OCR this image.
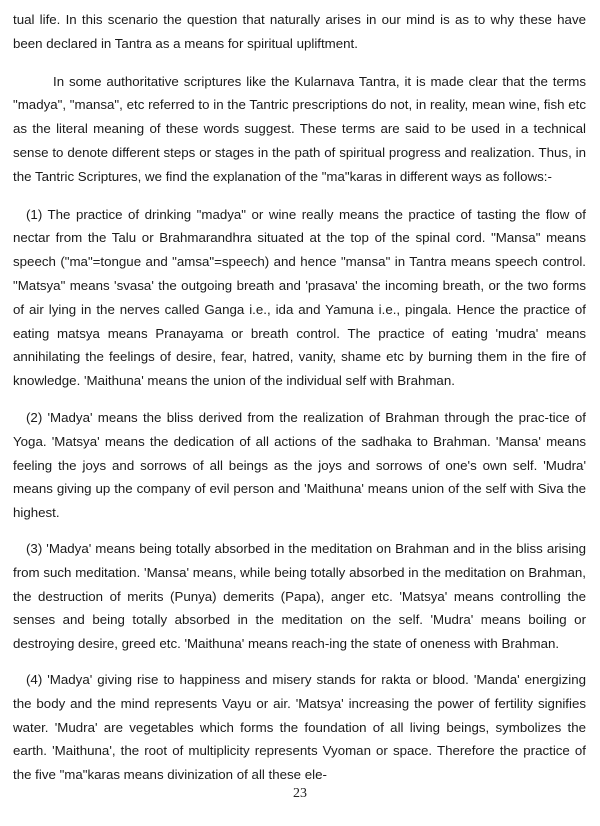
tual life. In this scenario the question that naturally arises in our mind is as to why these have been declared in Tantra as a means for spiritual upliftment.

In some authoritative scriptures like the Kularnava Tantra, it is made clear that the terms "madya", "mansa", etc referred to in the Tantric prescriptions do not, in reality, mean wine, fish etc as the literal meaning of these words suggest. These terms are said to be used in a technical sense to denote different steps or stages in the path of spiritual progress and realization. Thus, in the Tantric Scriptures, we find the explanation of the "ma"karas in different ways as follows:-

(1) The practice of drinking "madya" or wine really means the practice of tasting the flow of nectar from the Talu or Brahmarandhra situated at the top of the spinal cord. "Mansa" means speech ("ma"=tongue and "amsa"=speech) and hence "mansa" in Tantra means speech control. "Matsya" means 'svasa' the outgoing breath and 'prasava' the incoming breath, or the two forms of air lying in the nerves called Ganga i.e., ida and Yamuna i.e., pingala. Hence the practice of eating matsya means Pranayama or breath control. The practice of eating 'mudra' means annihilating the feelings of desire, fear, hatred, vanity, shame etc by burning them in the fire of knowledge. 'Maithuna' means the union of the individual self with Brahman.

(2) 'Madya' means the bliss derived from the realization of Brahman through the prac-tice of Yoga. 'Matsya' means the dedication of all actions of the sadhaka to Brahman. 'Mansa' means feeling the joys and sorrows of all beings as the joys and sorrows of one's own self. 'Mudra' means giving up the company of evil person and 'Maithuna' means union of the self with Siva the highest.

(3) 'Madya' means being totally absorbed in the meditation on Brahman and in the bliss arising from such meditation. 'Mansa' means, while being totally absorbed in the meditation on Brahman, the destruction of merits (Punya) demerits (Papa), anger etc. 'Matsya' means controlling the senses and being totally absorbed in the meditation on the self. 'Mudra' means boiling or destroying desire, greed etc. 'Maithuna' means reach-ing the state of oneness with Brahman.

(4) 'Madya' giving rise to happiness and misery stands for rakta or blood. 'Manda' energizing the body and the mind represents Vayu or air. 'Matsya' increasing the power of fertility signifies water. 'Mudra' are vegetables which forms the foundation of all living beings, symbolizes the earth. 'Maithuna', the root of multiplicity represents Vyoman or space. Therefore the practice of the five "ma"karas means divinization of all these ele-

23
